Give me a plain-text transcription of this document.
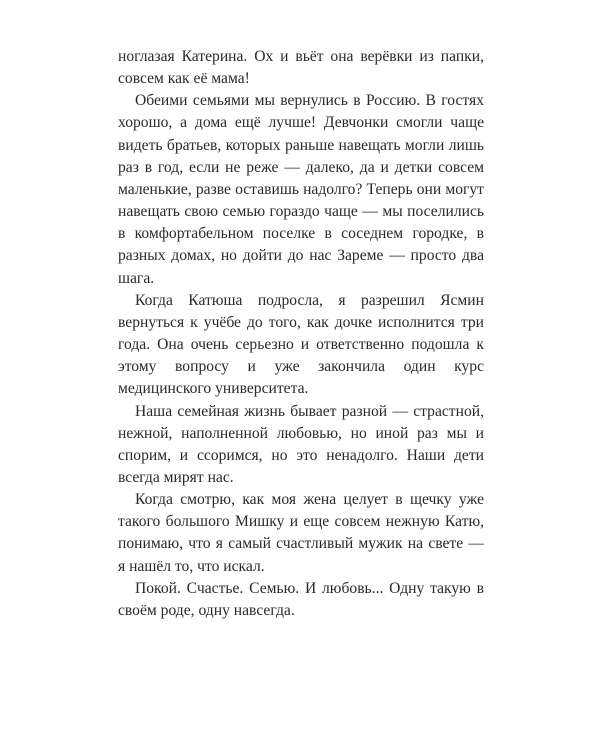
ноглазая Катерина. Ох и вьёт она верёвки из папки, совсем как её мама!

Обеими семьями мы вернулись в Россию. В гостях хорошо, а дома ещё лучше! Девчонки смогли чаще видеть братьев, которых раньше навещать могли лишь раз в год, если не реже — далеко, да и детки совсем маленькие, разве оставишь надолго? Теперь они могут навещать свою семью гораздо чаще — мы поселились в комфортабельном поселке в соседнем городке, в разных домах, но дойти до нас Зареме — просто два шага.

Когда Катюша подросла, я разрешил Ясмин вернуться к учёбе до того, как дочке исполнится три года. Она очень серьезно и ответственно подошла к этому вопросу и уже закончила один курс медицинского университета.

Наша семейная жизнь бывает разной — страстной, нежной, наполненной любовью, но иной раз мы и спорим, и ссоримся, но это ненадолго. Наши дети всегда мирят нас.

Когда смотрю, как моя жена целует в щечку уже такого большого Мишку и еще совсем нежную Катю, понимаю, что я самый счастливый мужик на свете — я нашёл то, что искал.

Покой. Счастье. Семью. И любовь... Одну такую в своём роде, одну навсегда.
